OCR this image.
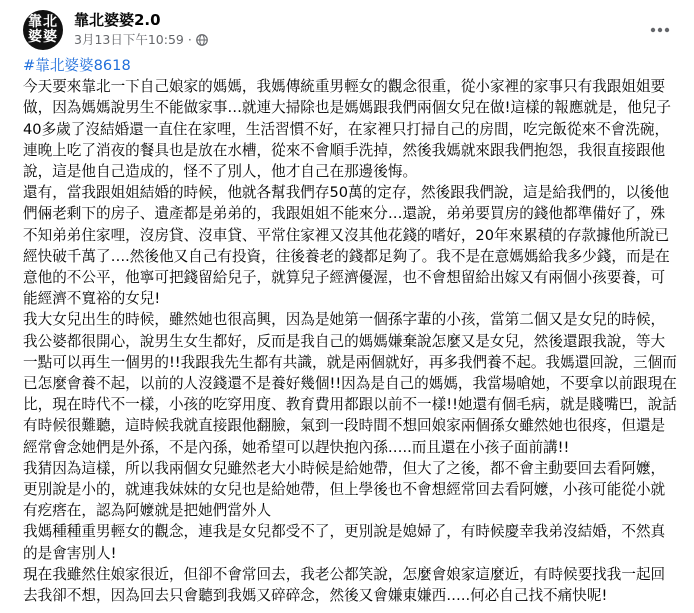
靠北
婆婆
靠北婆婆2.0
3月13日下午10:59 ·
#靠北婆婆8618

今天要來靠北一下自己娘家的媽媽，我媽傳統重男輕女的觀念很重，從小家裡的家事只有我跟姐姐要做，因為媽媽說男生不能做家事…就連大掃除也是媽媽跟我們兩個女兒在做!這樣的報應就是，他兒子40多歲了沒結婚還一直住在家哩，生活習慣不好，在家裡只打掃自己的房間，吃完飯從來不會洗碗，連晚上吃了消夜的餐具也是放在水槽，從來不會順手洗掉，然後我媽就來跟我們抱怨，我很直接跟他說，這是他自己造成的，怪不了別人，他才自己在那邊後悔。

還有，當我跟姐姐結婚的時候，他就各幫我們存50萬的定存，然後跟我們說，這是給我們的，以後他們倆老剩下的房子、遺產都是弟弟的，我跟姐姐不能來分…還說，弟弟要買房的錢他都準備好了，殊不知弟弟住家哩，沒房貸、沒車貸、平常住家裡又沒其他花錢的嗜好，20年來累積的存款據他所說已經快破千萬了….然後他又自己有投資，往後養老的錢都足夠了。我不是在意媽媽給我多少錢，而是在意他的不公平，他寧可把錢留給兒子，就算兒子經濟優渥，也不會想留給出嫁又有兩個小孩要養，可能經濟不寬裕的女兒!

我大女兒出生的時候，雖然她也很高興，因為是她第一個孫字輩的小孩，當第二個又是女兒的時候，我公婆都很開心，說男生女生都好，反而是我自己的媽媽嫌棄說怎麼又是女兒，然後還跟我說，等大一點可以再生一個男的!!我跟我先生都有共識，就是兩個就好，再多我們養不起。我媽還回說，三個而已怎麼會養不起，以前的人沒錢還不是養好幾個!!因為是自己的媽媽，我當場嗆她，不要拿以前跟現在比，現在時代不一樣，小孩的吃穿用度、教育費用都跟以前不一樣!!她還有個毛病，就是賤嘴巴，說話有時候很難聽，這時候我就直接跟他翻臉，氣到一段時間不想回娘家兩個孫女雖然她也很疼，但還是經常會念她們是外孫，不是內孫，她希望可以趕快抱內孫…..而且還在小孩子面前講!!

我猜因為這樣，所以我兩個女兒雖然老大小時候是給她帶，但大了之後，都不會主動要回去看阿嬤，更別說是小的，就連我妹妹的女兒也是給她帶，但上學後也不會想經常回去看阿嬤，小孩可能從小就有疙瘩在，認為阿嬤就是把她們當外人

我媽種種重男輕女的觀念，連我是女兒都受不了，更別說是媳婦了，有時候慶幸我弟沒結婚，不然真的是會害別人!

現在我雖然住娘家很近，但卻不會常回去，我老公都笑說，怎麼會娘家這麼近，有時候要找我一起回去我卻不想，因為回去只會聽到我媽又碎碎念，然後又會嫌東嫌西…..何必自己找不痛快呢!
